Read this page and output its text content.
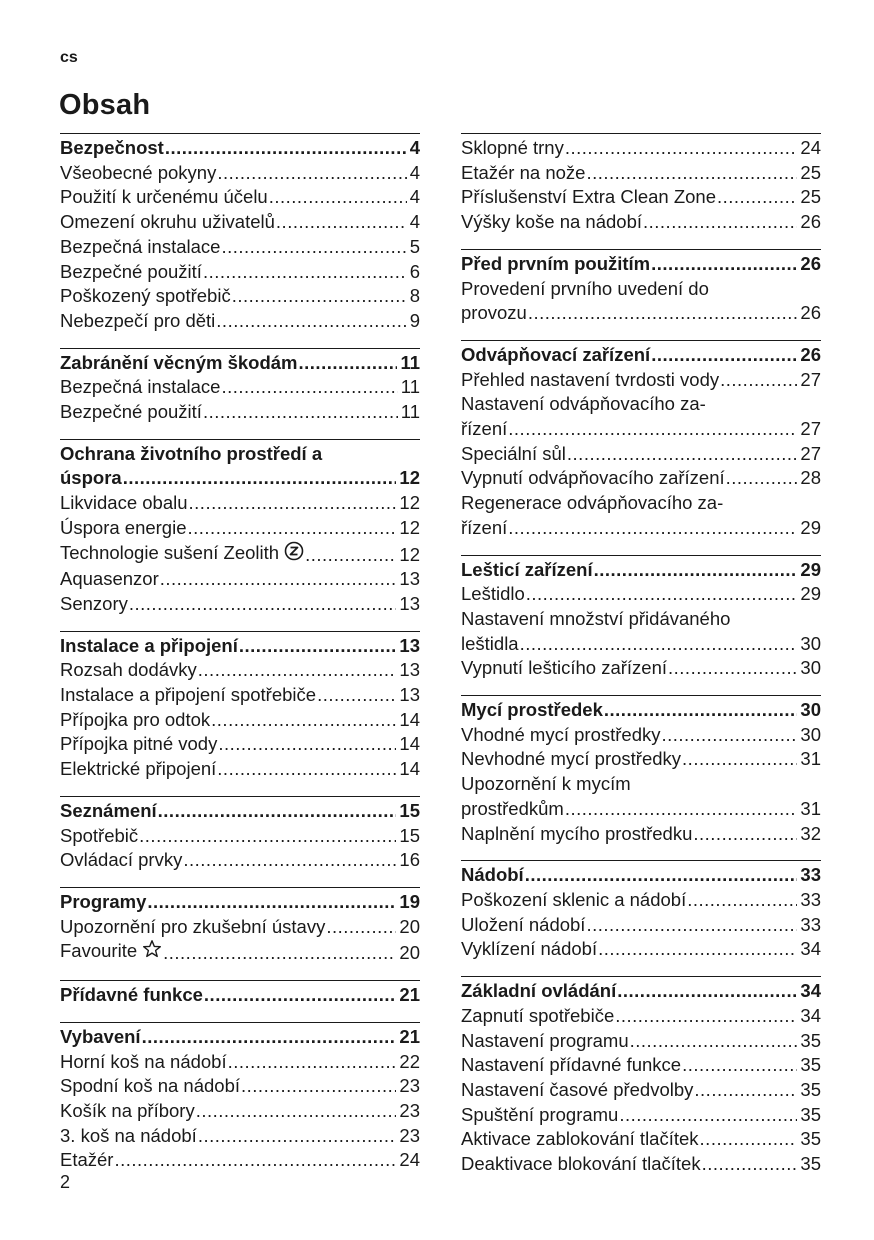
cs
Obsah
Bezpečnost .....	4
Všeobecné pokyny .....	4
Použití k určenému účelu .....	4
Omezení okruhu uživatelů .....	4
Bezpečná instalace .....	5
Bezpečné použití .....	6
Poškozený spotřebič .....	8
Nebezpečí pro děti .....	9
Zabránění věcným škodám .....	11
Bezpečná instalace .....	11
Bezpečné použití .....	11
Ochrana životního prostředí a
úspora .....	12
Likvidace obalu .....	12
Úspora energie .....	12
Technologie sušení Zeolith .....	12
Aquasenzor .....	13
Senzory .....	13
Instalace a připojení .....	13
Rozsah dodávky .....	13
Instalace a připojení spotřebiče .....	13
Přípojka pro odtok .....	14
Přípojka pitné vody .....	14
Elektrické připojení .....	14
Seznámení .....	15
Spotřebič .....	15
Ovládací prvky .....	16
Programy .....	19
Upozornění pro zkušební ústavy .....	20
Favourite .....	20
Přídavné funkce .....	21
Vybavení .....	21
Horní koš na nádobí .....	22
Spodní koš na nádobí .....	23
Košík na příbory .....	23
3. koš na nádobí .....	23
Etažér .....	24
Sklopné trny .....	24
Etažér na nože .....	25
Příslušenství Extra Clean Zone .....	25
Výšky koše na nádobí .....	26
Před prvním použitím .....	26
Provedení prvního uvedení do
provozu .....	26
Odvápňovací zařízení .....	26
Přehled nastavení tvrdosti vody .....	27
Nastavení odvápňovacího za-
řízení .....	27
Speciální sůl .....	27
Vypnutí odvápňovacího zařízení .....	28
Regenerace odvápňovacího za-
řízení .....	29
Lešticí zařízení .....	29
Leštidlo .....	29
Nastavení množství přidávaného
leštidla .....	30
Vypnutí lešticího zařízení .....	30
Mycí prostředek .....	30
Vhodné mycí prostředky .....	30
Nevhodné mycí prostředky .....	31
Upozornění k mycím
prostředkům .....	31
Naplnění mycího prostředku .....	32
Nádobí .....	33
Poškození sklenic a nádobí .....	33
Uložení nádobí .....	33
Vyklízení nádobí .....	34
Základní ovládání .....	34
Zapnutí spotřebiče .....	34
Nastavení programu .....	35
Nastavení přídavné funkce .....	35
Nastavení časové předvolby .....	35
Spuštění programu .....	35
Aktivace zablokování tlačítek .....	35
Deaktivace blokování tlačítek .....	35
2
